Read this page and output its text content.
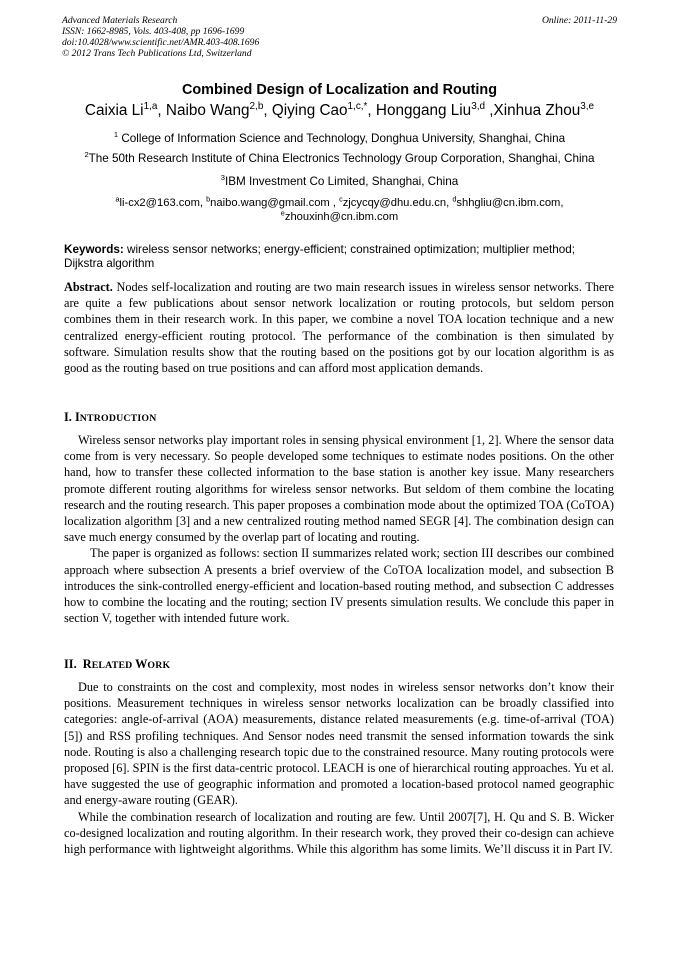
Advanced Materials Research	Online: 2011-11-29
ISSN: 1662-8985, Vols. 403-408, pp 1696-1699
doi:10.4028/www.scientific.net/AMR.403-408.1696
© 2012 Trans Tech Publications Ltd, Switzerland
Combined Design of Localization and Routing
Caixia Li$^{1,a}$, Naibo Wang$^{2,b}$, Qiying Cao$^{1,c,*}$, Honggang Liu$^{3,d}$ ,Xinhua Zhou$^{3,e}$
$^1$ College of Information Science and Technology, Donghua University, Shanghai, China
$^2$The 50th Research Institute of China Electronics Technology Group Corporation, Shanghai, China
$^3$IBM Investment Co Limited, Shanghai, China
$^a$li-cx2@163.com, $^b$naibo.wang@gmail.com , $^c$zjcycqy@dhu.edu.cn, $^d$shhgliu@cn.ibm.com,
$^e$zhouxinh@cn.ibm.com
Keywords: wireless sensor networks; energy-efficient; constrained optimization; multiplier method; Dijkstra algorithm

Abstract. Nodes self-localization and routing are two main research issues in wireless sensor networks. There are quite a few publications about sensor network localization or routing protocols, but seldom person combines them in their research work. In this paper, we combine a novel TOA location technique and a new centralized energy-efficient routing protocol. The performance of the combination is then simulated by software. Simulation results show that the routing based on the positions got by our location algorithm is as good as the routing based on true positions and can afford most application demands.

I. INTRODUCTION

Wireless sensor networks play important roles in sensing physical environment [1, 2]. Where the sensor data come from is very necessary. So people developed some techniques to estimate nodes positions. On the other hand, how to transfer these collected information to the base station is another key issue. Many researchers promote different routing algorithms for wireless sensor networks. But seldom of them combine the locating research and the routing research. This paper proposes a combination mode about the optimized TOA (CoTOA) localization algorithm [3] and a new centralized routing method named SEGR [4]. The combination design can save much energy consumed by the overlap part of locating and routing.

The paper is organized as follows: section II summarizes related work; section III describes our combined approach where subsection A presents a brief overview of the CoTOA localization model, and subsection B introduces the sink-controlled energy-efficient and location-based routing method, and subsection C addresses how to combine the locating and the routing; section IV presents simulation results. We conclude this paper in section V, together with intended future work.

II.  RELATED WORK

Due to constraints on the cost and complexity, most nodes in wireless sensor networks don’t know their positions. Measurement techniques in wireless sensor networks localization can be broadly classified into categories: angle-of-arrival (AOA) measurements, distance related measurements (e.g. time-of-arrival (TOA) [5]) and RSS profiling techniques. And Sensor nodes need transmit the sensed information towards the sink node. Routing is also a challenging research topic due to the constrained resource. Many routing protocols were proposed [6]. SPIN is the first data-centric protocol. LEACH is one of hierarchical routing approaches. Yu et al. have suggested the use of geographic information and promoted a location-based protocol named geographic and energy-aware routing (GEAR).

While the combination research of localization and routing are few. Until 2007[7], H. Qu and S. B. Wicker co-designed localization and routing algorithm. In their research work, they proved their co-design can achieve high performance with lightweight algorithms. While this algorithm has some limits. We’ll discuss it in Part IV.
